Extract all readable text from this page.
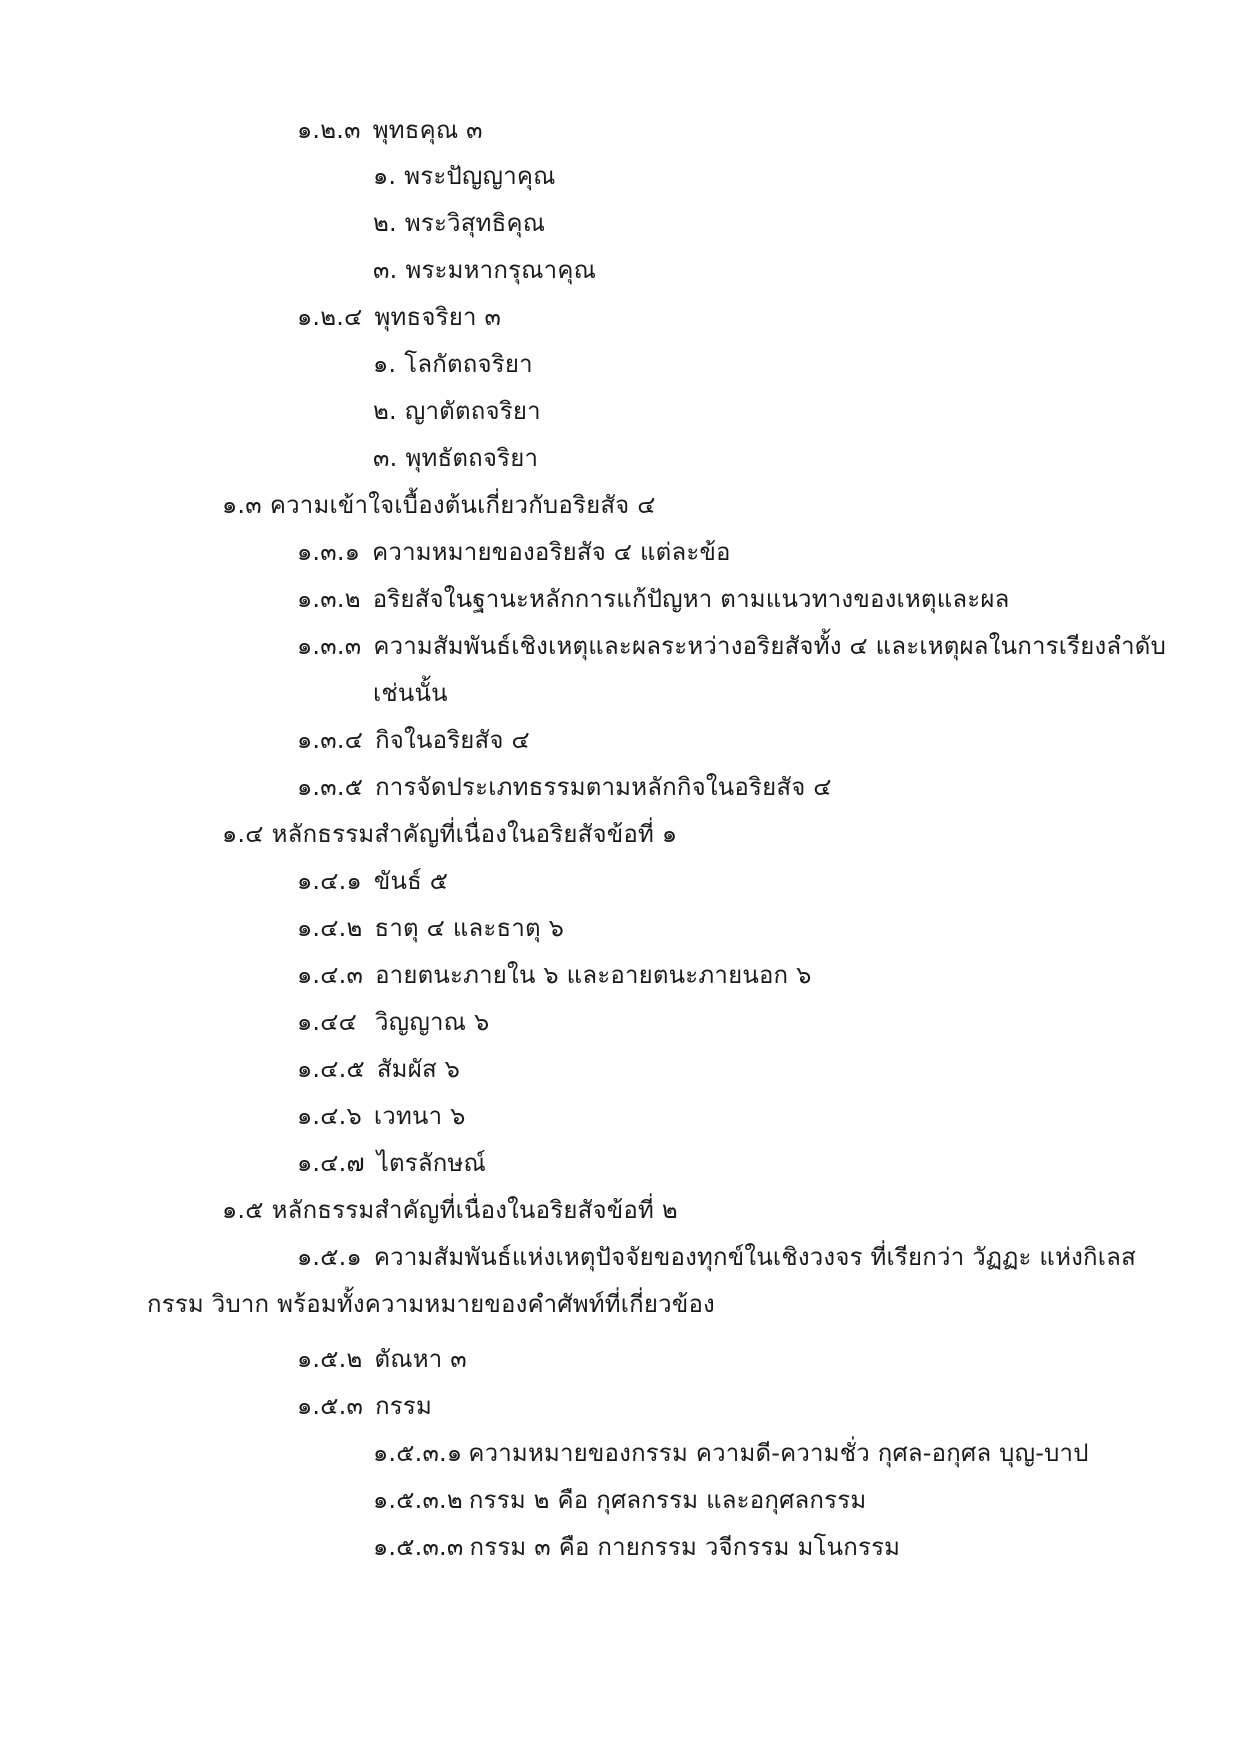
๑.๒.๓ พุทธคุณ ๓
๑. พระปัญญาคุณ
๒. พระวิสุทธิคุณ
๓. พระมหากรุณาคุณ
๑.๒.๔ พุทธจริยา ๓
๑. โลกัตถจริยา
๒. ญาตัตถจริยา
๓. พุทธัตถจริยา
๑.๓ ความเข้าใจเบื้องต้นเกี่ยวกับอริยสัจ ๔
๑.๓.๑ ความหมายของอริยสัจ ๔ แต่ละข้อ
๑.๓.๒ อริยสัจในฐานะหลักการแก้ปัญหา ตามแนวทางของเหตุและผล
๑.๓.๓ ความสัมพันธ์เชิงเหตุและผลระหว่างอริยสัจทั้ง ๔ และเหตุผลในการเรียงลำดับ
เช่นนั้น
๑.๓.๔ กิจในอริยสัจ ๔
๑.๓.๕ การจัดประเภทธรรมตามหลักกิจในอริยสัจ ๔
๑.๔ หลักธรรมสำคัญที่เนื่องในอริยสัจข้อที่ ๑
๑.๔.๑ ขันธ์ ๕
๑.๔.๒ ธาตุ ๔ และธาตุ ๖
๑.๔.๓ อายตนะภายใน ๖ และอายตนะภายนอก ๖
๑.๔๔ วิญญาณ ๖
๑.๔.๕ สัมผัส ๖
๑.๔.๖ เวทนา ๖
๑.๔.๗ ไตรลักษณ์
๑.๕ หลักธรรมสำคัญที่เนื่องในอริยสัจข้อที่ ๒
๑.๕.๑ ความสัมพันธ์แห่งเหตุปัจจัยของทุกข์ในเชิงวงจร ที่เรียกว่า วัฏฏะ แห่งกิเลส
กรรม วิบาก พร้อมทั้งความหมายของคำศัพท์ที่เกี่ยวข้อง
๑.๕.๒ ตัณหา ๓
๑.๕.๓ กรรม
๑.๕.๓.๑ ความหมายของกรรม ความดี-ความชั่ว กุศล-อกุศล บุญ-บาป
๑.๕.๓.๒ กรรม ๒ คือ กุศลกรรม และอกุศลกรรม
๑.๕.๓.๓ กรรม ๓ คือ กายกรรม วจีกรรม มโนกรรม
